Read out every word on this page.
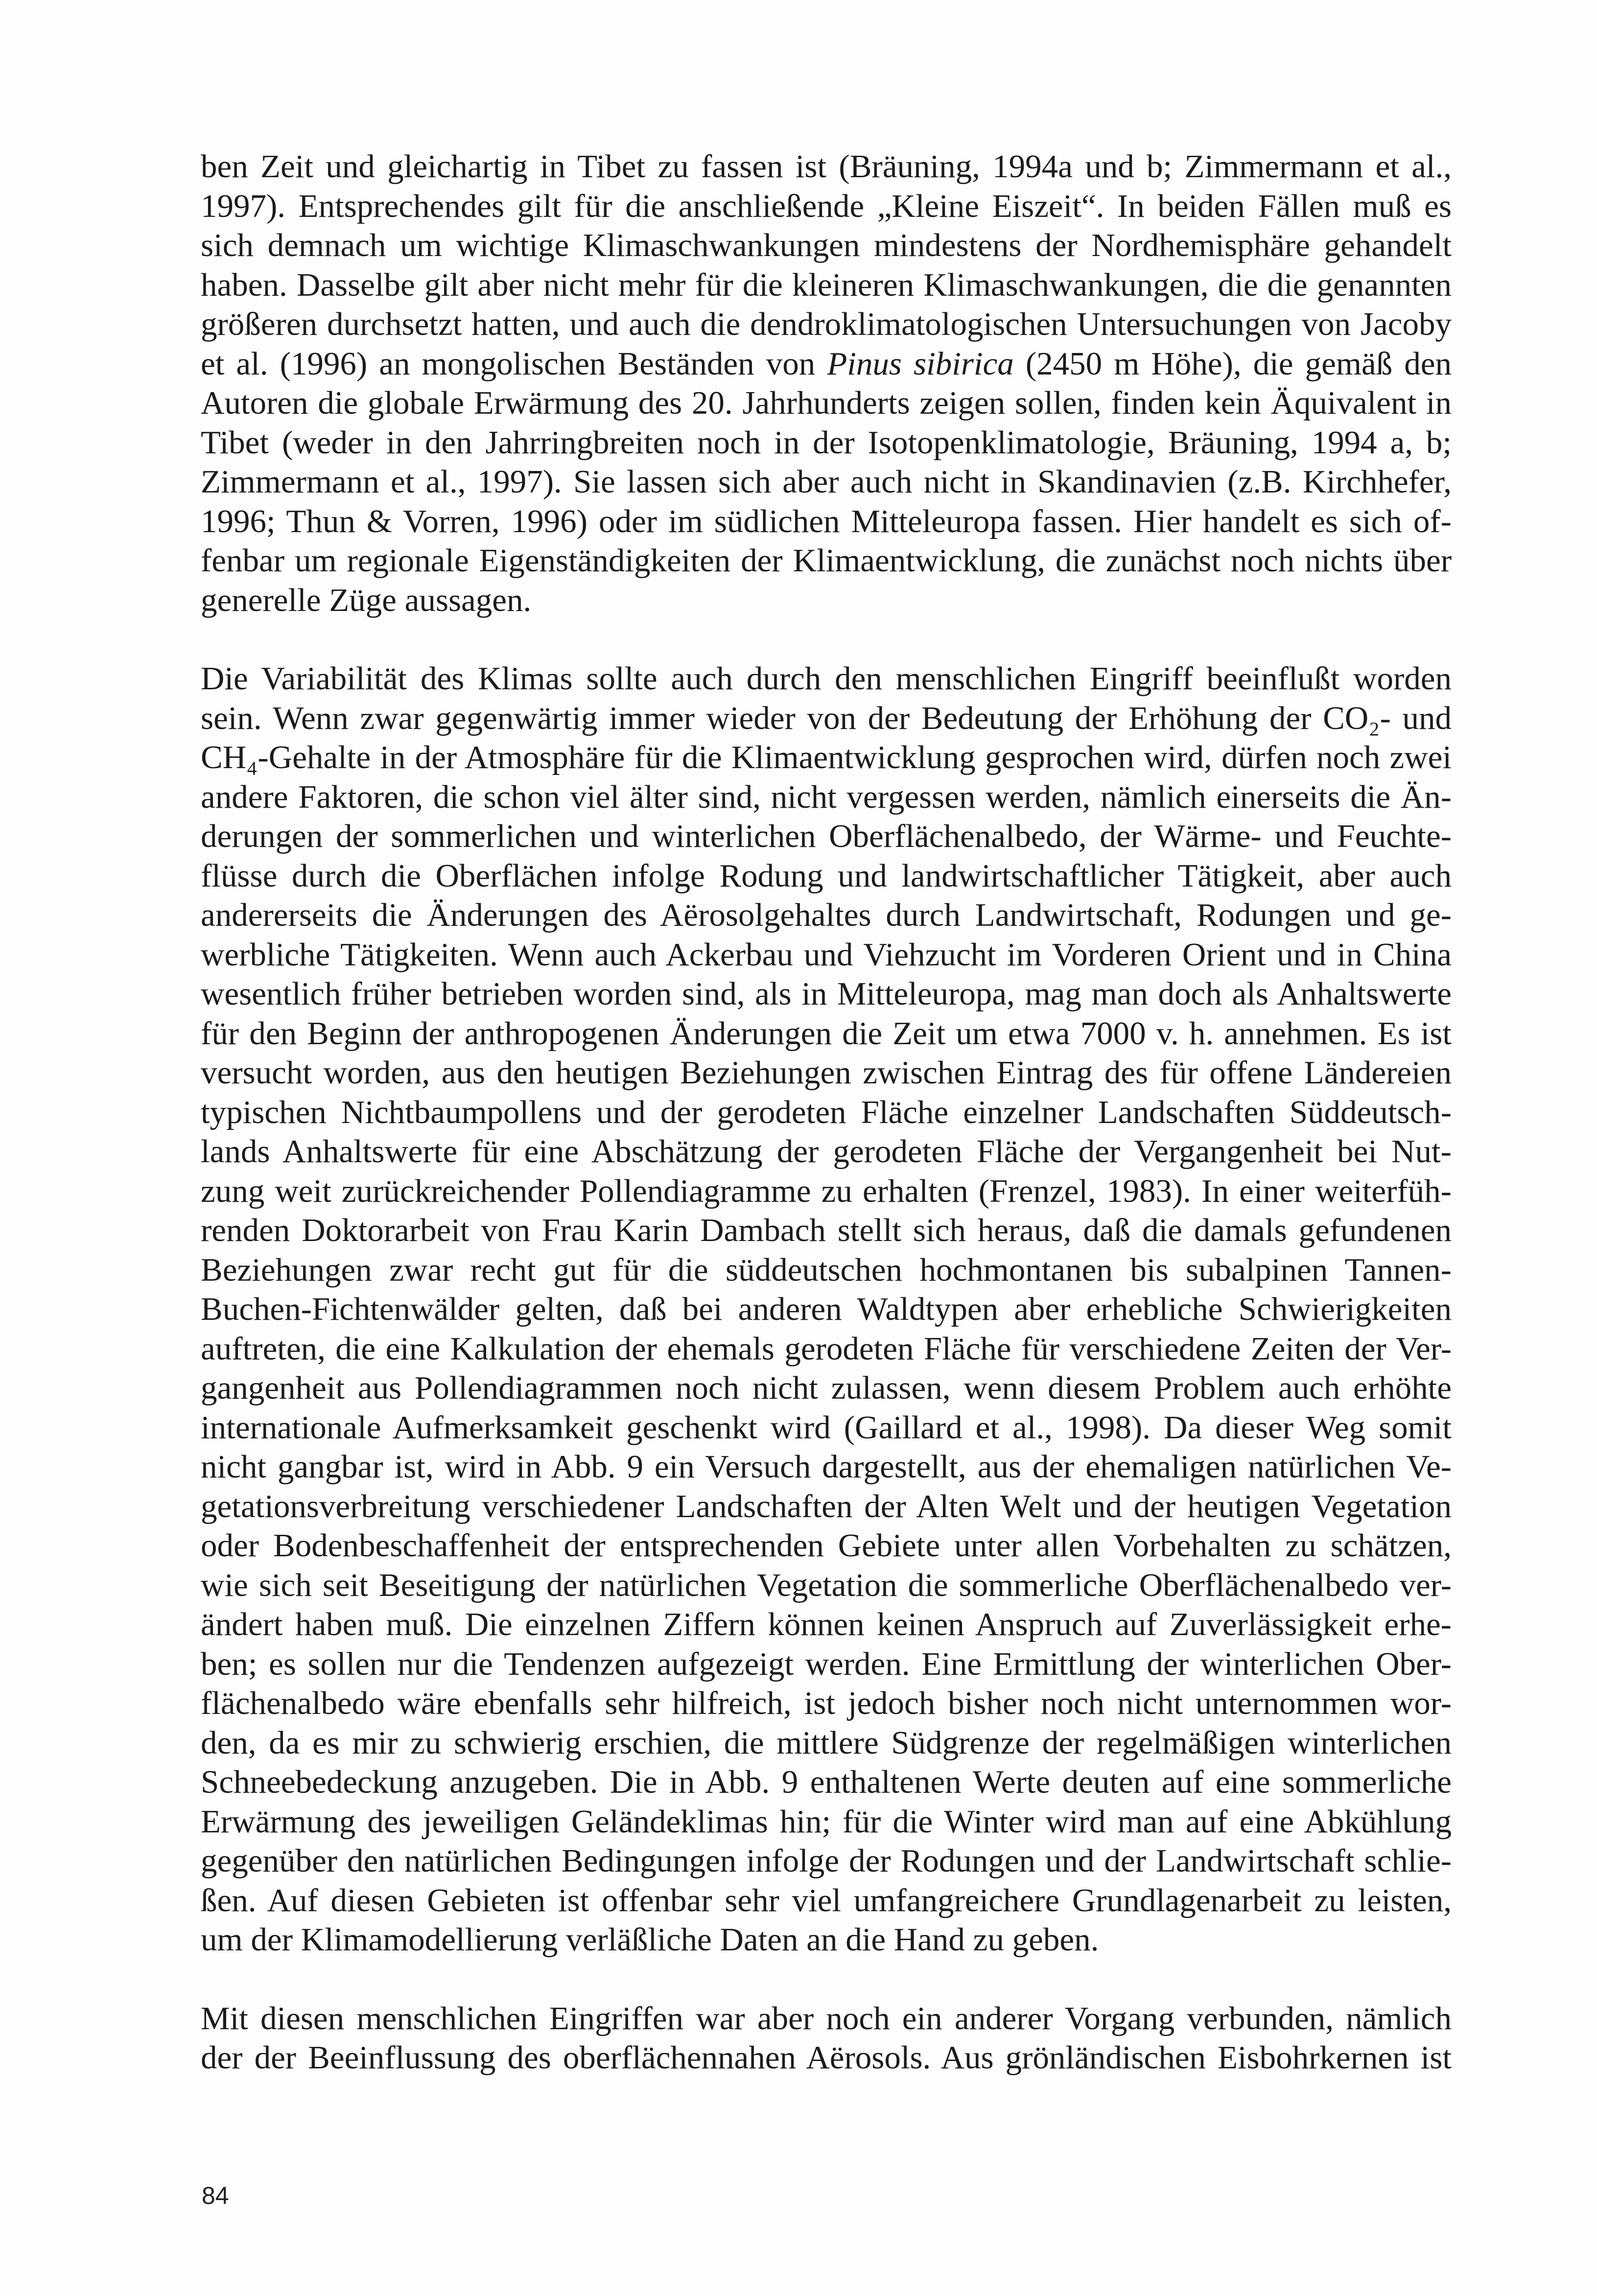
ben Zeit und gleichartig in Tibet zu fassen ist (Bräuning, 1994a und b; Zimmermann et al.,
1997). Entsprechendes gilt für die anschließende „Kleine Eiszeit“. In beiden Fällen muß es
sich demnach um wichtige Klimaschwankungen mindestens der Nordhemisphäre gehandelt
haben. Dasselbe gilt aber nicht mehr für die kleineren Klimaschwankungen, die die genannten
größeren durchsetzt hatten, und auch die dendroklimatologischen Untersuchungen von Jacoby
et al. (1996) an mongolischen Beständen von Pinus sibirica (2450 m Höhe), die gemäß den
Autoren die globale Erwärmung des 20. Jahrhunderts zeigen sollen, finden kein Äquivalent in
Tibet (weder in den Jahrringbreiten noch in der Isotopenklimatologie, Bräuning, 1994 a, b;
Zimmermann et al., 1997). Sie lassen sich aber auch nicht in Skandinavien (z.B. Kirchhefer,
1996; Thun & Vorren, 1996) oder im südlichen Mitteleuropa fassen. Hier handelt es sich of-
fenbar um regionale Eigenständigkeiten der Klimaentwicklung, die zunächst noch nichts über
generelle Züge aussagen.
Die Variabilität des Klimas sollte auch durch den menschlichen Eingriff beeinflußt worden
sein. Wenn zwar gegenwärtig immer wieder von der Bedeutung der Erhöhung der CO₂- und
CH₄-Gehalte in der Atmosphäre für die Klimaentwicklung gesprochen wird, dürfen noch zwei
andere Faktoren, die schon viel älter sind, nicht vergessen werden, nämlich einerseits die Än-
derungen der sommerlichen und winterlichen Oberflächenalbedo, der Wärme- und Feuchte-
flüsse durch die Oberflächen infolge Rodung und landwirtschaftlicher Tätigkeit, aber auch
andererseits die Änderungen des Aërosolgehaltes durch Landwirtschaft, Rodungen und ge-
werbliche Tätigkeiten. Wenn auch Ackerbau und Viehzucht im Vorderen Orient und in China
wesentlich früher betrieben worden sind, als in Mitteleuropa, mag man doch als Anhaltswerte
für den Beginn der anthropogenen Änderungen die Zeit um etwa 7000 v. h. annehmen. Es ist
versucht worden, aus den heutigen Beziehungen zwischen Eintrag des für offene Ländereien
typischen Nichtbaumpollens und der gerodeten Fläche einzelner Landschaften Süddeutsch-
lands Anhaltswerte für eine Abschätzung der gerodeten Fläche der Vergangenheit bei Nut-
zung weit zurückreichender Pollendiagramme zu erhalten (Frenzel, 1983). In einer weiterfüh-
renden Doktorarbeit von Frau Karin Dambach stellt sich heraus, daß die damals gefundenen
Beziehungen zwar recht gut für die süddeutschen hochmontanen bis subalpinen Tannen-
Buchen-Fichtenwälder gelten, daß bei anderen Waldtypen aber erhebliche Schwierigkeiten
auftreten, die eine Kalkulation der ehemals gerodeten Fläche für verschiedene Zeiten der Ver-
gangenheit aus Pollendiagrammen noch nicht zulassen, wenn diesem Problem auch erhöhte
internationale Aufmerksamkeit geschenkt wird (Gaillard et al., 1998). Da dieser Weg somit
nicht gangbar ist, wird in Abb. 9 ein Versuch dargestellt, aus der ehemaligen natürlichen Ve-
getationsverbreitung verschiedener Landschaften der Alten Welt und der heutigen Vegetation
oder Bodenbeschaffenheit der entsprechenden Gebiete unter allen Vorbehalten zu schätzen,
wie sich seit Beseitigung der natürlichen Vegetation die sommerliche Oberflächenalbedo ver-
ändert haben muß. Die einzelnen Ziffern können keinen Anspruch auf Zuverlässigkeit erhe-
ben; es sollen nur die Tendenzen aufgezeigt werden. Eine Ermittlung der winterlichen Ober-
flächenalbedo wäre ebenfalls sehr hilfreich, ist jedoch bisher noch nicht unternommen wor-
den, da es mir zu schwierig erschien, die mittlere Südgrenze der regelmäßigen winterlichen
Schneebedeckung anzugeben. Die in Abb. 9 enthaltenen Werte deuten auf eine sommerliche
Erwärmung des jeweiligen Geländeklimas hin; für die Winter wird man auf eine Abkühlung
gegenüber den natürlichen Bedingungen infolge der Rodungen und der Landwirtschaft schlie-
ßen. Auf diesen Gebieten ist offenbar sehr viel umfangreichere Grundlagenarbeit zu leisten,
um der Klimamodellierung verläßliche Daten an die Hand zu geben.
Mit diesen menschlichen Eingriffen war aber noch ein anderer Vorgang verbunden, nämlich
der der Beeinflussung des oberflächennahen Aërosols. Aus grönländischen Eisbohrkernen ist
84
